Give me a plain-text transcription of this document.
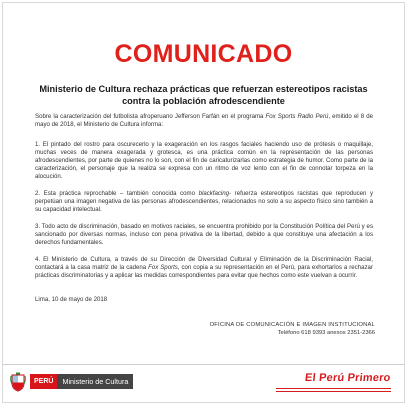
COMUNICADO
Ministerio de Cultura rechaza prácticas que refuerzan estereotipos racistas contra la población afrodescendiente

Sobre la caracterización del futbolista afroperuano Jefferson Farfán en el programa Fox Sports Radio Perú, emitido el 8 de mayo de 2018, el Ministerio de Cultura informa:

1. El pintado del rostro para oscurecerlo y la exageración en los rasgos faciales haciendo uso de prótesis o maquillaje, muchas veces de manera exagerada y grotesca, es una práctica común en la representación de las personas afrodescendientes, por parte de quienes no lo son, con el fin de caricaturizarlas como estrategia de humor. Como parte de la caracterización, el personaje que la realiza se expresa con un ritmo de voz lento con el fin de connotar torpeza en la alocución.

2. Esta práctica reprochable – también conocida como blackfacing- refuerza estereotipos racistas que reproducen y perpetúan una imagen negativa de las personas afrodescendientes, relacionados no solo a su aspecto físico sino también a su capacidad intelectual.

3. Todo acto de discriminación, basado en motivos raciales, se encuentra prohibido por la Constitución Política del Perú y es sancionado por diversas normas, incluso con pena privativa de la libertad, debido a que constituye una afectación a los derechos fundamentales.

4. El Ministerio de Cultura, a través de su Dirección de Diversidad Cultural y Eliminación de la Discriminación Racial, contactará a la casa matriz de la cadena Fox Sports, con copia a su representación en el Perú, para exhortarlos a rechazar prácticas discriminatorias y a aplicar las medidas correspondientes para evitar que hechos como este vuelvan a ocurrir.

Lima, 10 de mayo de 2018
OFICINA DE COMUNICACIÓN E IMAGEN INSTITUCIONAL
Teléfono 618 9393 anexos 2351-2366
PERÚ	Ministerio de Cultura	El Perú Primero
